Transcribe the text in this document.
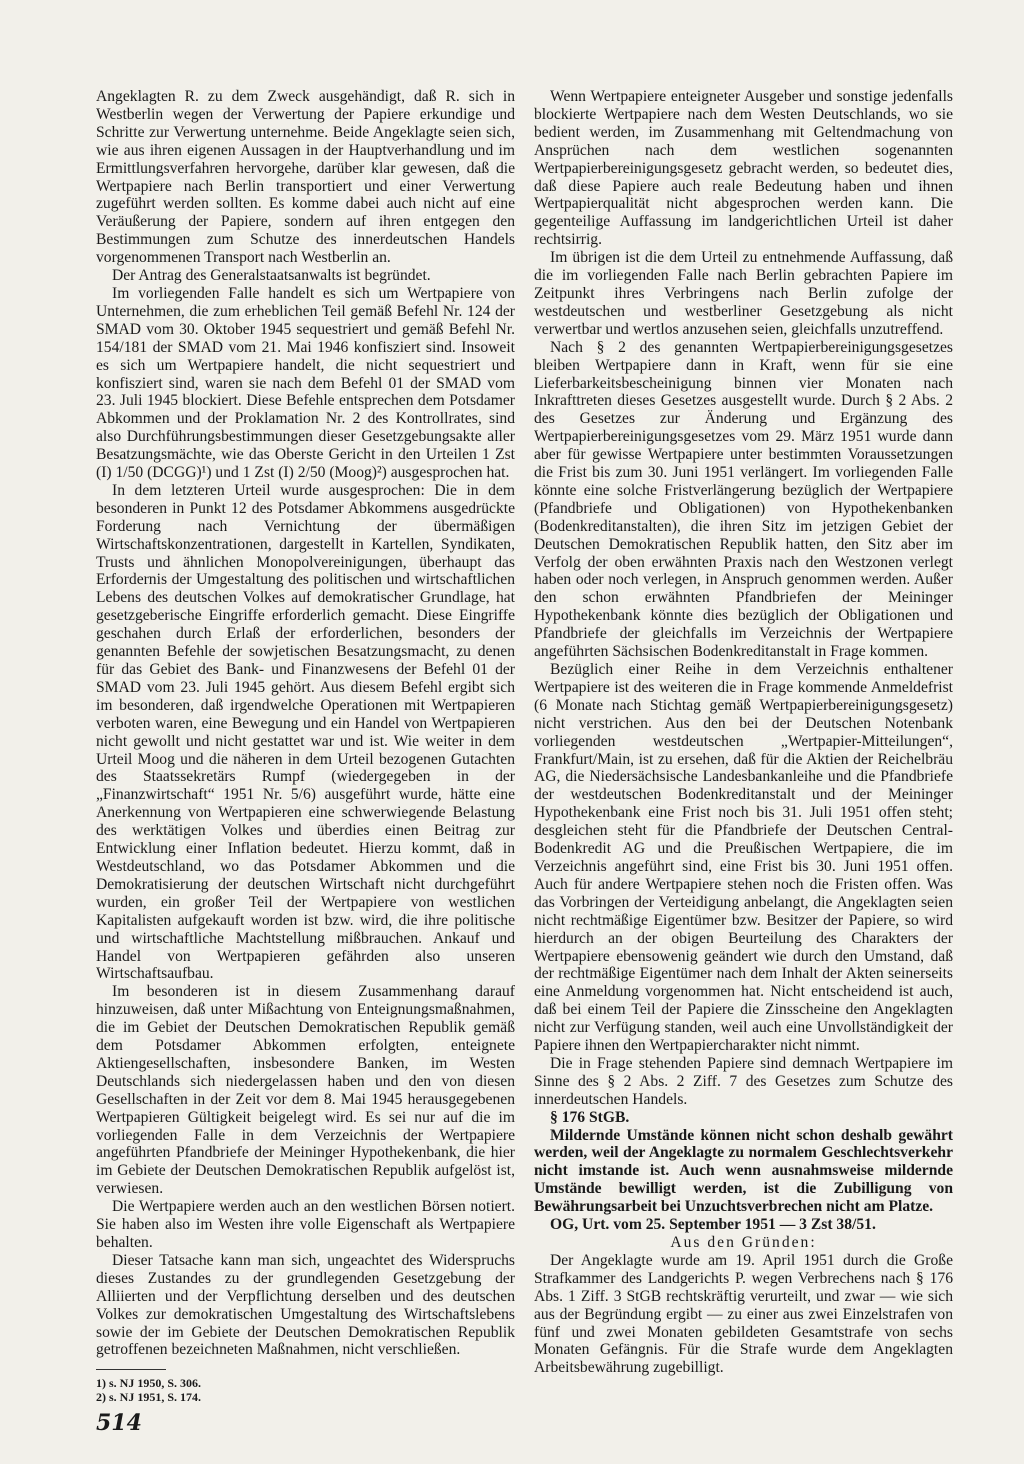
Angeklagten R. zu dem Zweck ausgehändigt, daß R. sich in Westberlin wegen der Verwertung der Papiere erkundige und Schritte zur Verwertung unternehme. Beide Angeklagte seien sich, wie aus ihren eigenen Aussagen in der Hauptverhandlung und im Ermittlungsverfahren hervorgehe, darüber klar gewesen, daß die Wertpapiere nach Berlin transportiert und einer Verwertung zugeführt werden sollten. Es komme dabei auch nicht auf eine Veräußerung der Papiere, sondern auf ihren entgegen den Bestimmungen zum Schutze des innerdeutschen Handels vorgenommenen Transport nach Westberlin an.

Der Antrag des Generalstaatsanwalts ist begründet.

Im vorliegenden Falle handelt es sich um Wertpapiere von Unternehmen, die zum erheblichen Teil gemäß Befehl Nr. 124 der SMAD vom 30. Oktober 1945 sequestriert und gemäß Befehl Nr. 154/181 der SMAD vom 21. Mai 1946 konfisziert sind. Insoweit es sich um Wertpapiere handelt, die nicht sequestriert und konfisziert sind, waren sie nach dem Befehl 01 der SMAD vom 23. Juli 1945 blockiert. Diese Befehle entsprechen dem Potsdamer Abkommen und der Proklamation Nr. 2 des Kontrollrates, sind also Durchführungsbestimmungen dieser Gesetzgebungsakte aller Besatzungsmächte, wie das Oberste Gericht in den Urteilen 1 Zst (I) 1/50 (DCGG)¹) und 1 Zst (I) 2/50 (Moog)²) ausgesprochen hat.

In dem letzteren Urteil wurde ausgesprochen: Die in dem besonderen in Punkt 12 des Potsdamer Abkommens ausgedrückte Forderung nach Vernichtung der übermäßigen Wirtschaftskonzentrationen, dargestellt in Kartellen, Syndikaten, Trusts und ähnlichen Monopolvereinigungen, überhaupt das Erfordernis der Umgestaltung des politischen und wirtschaftlichen Lebens des deutschen Volkes auf demokratischer Grundlage, hat gesetzgeberische Eingriffe erforderlich gemacht. Diese Eingriffe geschahen durch Erlaß der erforderlichen, besonders der genannten Befehle der sowjetischen Besatzungsmacht, zu denen für das Gebiet des Bank- und Finanzwesens der Befehl 01 der SMAD vom 23. Juli 1945 gehört. Aus diesem Befehl ergibt sich im besonderen, daß irgendwelche Operationen mit Wertpapieren verboten waren, eine Bewegung und ein Handel von Wertpapieren nicht gewollt und nicht gestattet war und ist. Wie weiter in dem Urteil Moog und die näheren in dem Urteil bezogenen Gutachten des Staatssekretärs Rumpf (wiedergegeben in der „Finanzwirtschaft“ 1951 Nr. 5/6) ausgeführt wurde, hätte eine Anerkennung von Wertpapieren eine schwerwiegende Belastung des werktätigen Volkes und überdies einen Beitrag zur Entwicklung einer Inflation bedeutet. Hierzu kommt, daß in Westdeutschland, wo das Potsdamer Abkommen und die Demokratisierung der deutschen Wirtschaft nicht durchgeführt wurden, ein großer Teil der Wertpapiere von westlichen Kapitalisten aufgekauft worden ist bzw. wird, die ihre politische und wirtschaftliche Machtstellung mißbrauchen. Ankauf und Handel von Wertpapieren gefährden also unseren Wirtschaftsaufbau.

Im besonderen ist in diesem Zusammenhang darauf hinzuweisen, daß unter Mißachtung von Enteignungsmaßnahmen, die im Gebiet der Deutschen Demokratischen Republik gemäß dem Potsdamer Abkommen erfolgten, enteignete Aktiengesellschaften, insbesondere Banken, im Westen Deutschlands sich niedergelassen haben und den von diesen Gesellschaften in der Zeit vor dem 8. Mai 1945 herausgegebenen Wertpapieren Gültigkeit beigelegt wird. Es sei nur auf die im vorliegenden Falle in dem Verzeichnis der Wertpapiere angeführten Pfandbriefe der Meininger Hypothekenbank, die hier im Gebiete der Deutschen Demokratischen Republik aufgelöst ist, verwiesen.

Die Wertpapiere werden auch an den westlichen Börsen notiert. Sie haben also im Westen ihre volle Eigenschaft als Wertpapiere behalten.

Dieser Tatsache kann man sich, ungeachtet des Widerspruchs dieses Zustandes zu der grundlegenden Gesetzgebung der Alliierten und der Verpflichtung derselben und des deutschen Volkes zur demokratischen Umgestaltung des Wirtschaftslebens sowie der im Gebiete der Deutschen Demokratischen Republik getroffenen bezeichneten Maßnahmen, nicht verschließen.

1) s. NJ 1950, S. 306.
2) s. NJ 1951, S. 174.

Wenn Wertpapiere enteigneter Ausgeber und sonstige jedenfalls blockierte Wertpapiere nach dem Westen Deutschlands, wo sie bedient werden, im Zusammenhang mit Geltendmachung von Ansprüchen nach dem westlichen sogenannten Wertpapierbereinigungsgesetz gebracht werden, so bedeutet dies, daß diese Papiere auch reale Bedeutung haben und ihnen Wertpapierqualität nicht abgesprochen werden kann. Die gegenteilige Auffassung im landgerichtlichen Urteil ist daher rechtsirrig.

Im übrigen ist die dem Urteil zu entnehmende Auffassung, daß die im vorliegenden Falle nach Berlin gebrachten Papiere im Zeitpunkt ihres Verbringens nach Berlin zufolge der westdeutschen und westberliner Gesetzgebung als nicht verwertbar und wertlos anzusehen seien, gleichfalls unzutreffend.

Nach § 2 des genannten Wertpapierbereinigungsgesetzes bleiben Wertpapiere dann in Kraft, wenn für sie eine Lieferbarkeitsbescheinigung binnen vier Monaten nach Inkrafttreten dieses Gesetzes ausgestellt wurde. Durch § 2 Abs. 2 des Gesetzes zur Änderung und Ergänzung des Wertpapierbereinigungsgesetzes vom 29. März 1951 wurde dann aber für gewisse Wertpapiere unter bestimmten Voraussetzungen die Frist bis zum 30. Juni 1951 verlängert. Im vorliegenden Falle könnte eine solche Fristverlängerung bezüglich der Wertpapiere (Pfandbriefe und Obligationen) von Hypothekenbanken (Bodenkreditanstalten), die ihren Sitz im jetzigen Gebiet der Deutschen Demokratischen Republik hatten, den Sitz aber im Verfolg der oben erwähnten Praxis nach den Westzonen verlegt haben oder noch verlegen, in Anspruch genommen werden. Außer den schon erwähnten Pfandbriefen der Meininger Hypothekenbank könnte dies bezüglich der Obligationen und Pfandbriefe der gleichfalls im Verzeichnis der Wertpapiere angeführten Sächsischen Bodenkreditanstalt in Frage kommen.

Bezüglich einer Reihe in dem Verzeichnis enthaltener Wertpapiere ist des weiteren die in Frage kommende Anmeldefrist (6 Monate nach Stichtag gemäß Wertpapierbereinigungsgesetz) nicht verstrichen. Aus den bei der Deutschen Notenbank vorliegenden westdeutschen „Wertpapier-Mitteilungen“, Frankfurt/Main, ist zu ersehen, daß für die Aktien der Reichelbräu AG, die Niedersächsische Landesbankanleihe und die Pfandbriefe der westdeutschen Bodenkreditanstalt und der Meininger Hypothekenbank eine Frist noch bis 31. Juli 1951 offen steht; desgleichen steht für die Pfandbriefe der Deutschen Central-Bodenkredit AG und die Preußischen Wertpapiere, die im Verzeichnis angeführt sind, eine Frist bis 30. Juni 1951 offen. Auch für andere Wertpapiere stehen noch die Fristen offen. Was das Vorbringen der Verteidigung anbelangt, die Angeklagten seien nicht rechtmäßige Eigentümer bzw. Besitzer der Papiere, so wird hierdurch an der obigen Beurteilung des Charakters der Wertpapiere ebensowenig geändert wie durch den Umstand, daß der rechtmäßige Eigentümer nach dem Inhalt der Akten seinerseits eine Anmeldung vorgenommen hat. Nicht entscheidend ist auch, daß bei einem Teil der Papiere die Zinsscheine den Angeklagten nicht zur Verfügung standen, weil auch eine Unvollständigkeit der Papiere ihnen den Wertpapiercharakter nicht nimmt.

Die in Frage stehenden Papiere sind demnach Wertpapiere im Sinne des § 2 Abs. 2 Ziff. 7 des Gesetzes zum Schutze des innerdeutschen Handels.

§ 176 StGB.

Mildernde Umstände können nicht schon deshalb gewährt werden, weil der Angeklagte zu normalem Geschlechtsverkehr nicht imstande ist. Auch wenn ausnahmsweise mildernde Umstände bewilligt werden, ist die Zubilligung von Bewährungsarbeit bei Unzuchtsverbrechen nicht am Platze.

OG, Urt. vom 25. September 1951 — 3 Zst 38/51.

Aus den Gründen:

Der Angeklagte wurde am 19. April 1951 durch die Große Strafkammer des Landgerichts P. wegen Verbrechens nach § 176 Abs. 1 Ziff. 3 StGB rechtskräftig verurteilt, und zwar — wie sich aus der Begründung ergibt — zu einer aus zwei Einzelstrafen von fünf und zwei Monaten gebildeten Gesamtstrafe von sechs Monaten Gefängnis. Für die Strafe wurde dem Angeklagten Arbeitsbewährung zugebilligt.

514
